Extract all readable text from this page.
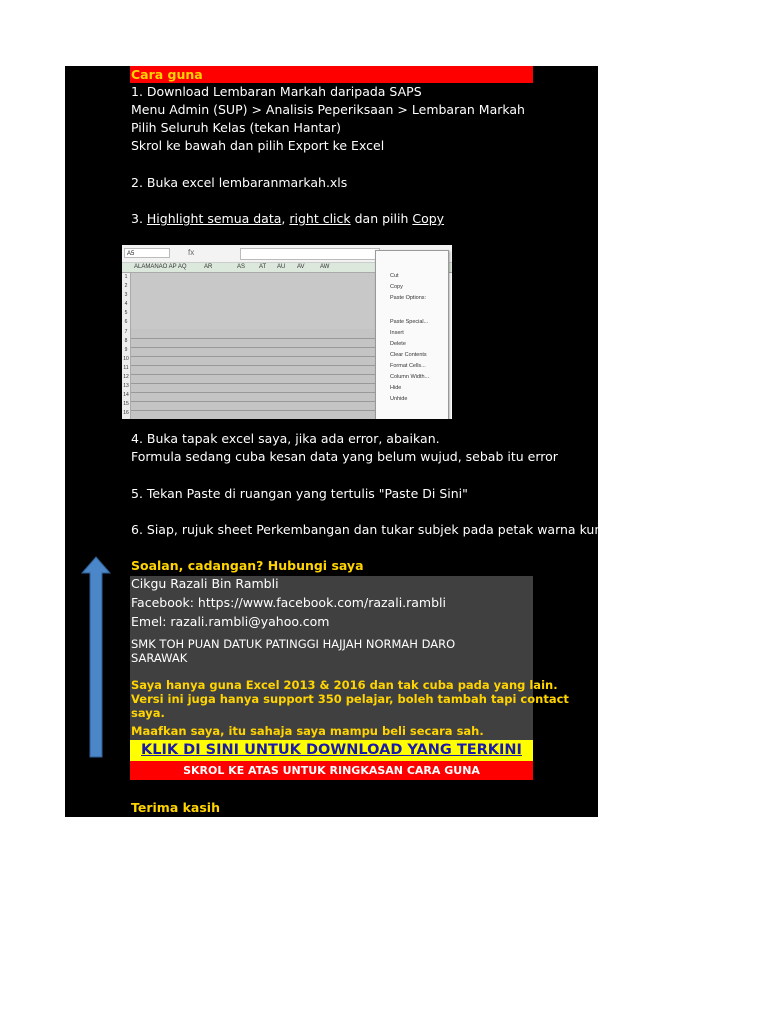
Cara guna
1. Download Lembaran Markah daripada SAPS
Menu Admin (SUP) > Analisis Peperiksaan > Lembaran Markah
Pilih Seluruh Kelas (tekan Hantar)
Skrol ke bawah dan pilih Export ke Excel
2. Buka excel lembaranmarkah.xls
3. Highlight semua data, right click dan pilih Copy
A5	fx
ALAMANAO AP AQ	AR	AS AT AU AV	AW
1
2
3
4
5
6
7
8
9
10
11
12
13
14
15
16
Cut
Copy
Paste Options:
Paste Special...
Insert
Delete
Clear Contents
Format Cells...
Column Width...
Hide
Unhide
4. Buka tapak excel saya, jika ada error, abaikan.
Formula sedang cuba kesan data yang belum wujud, sebab itu error
5. Tekan Paste di ruangan yang tertulis "Paste Di Sini"
6. Siap, rujuk sheet Perkembangan dan tukar subjek pada petak warna kuning
Soalan, cadangan? Hubungi saya
Cikgu Razali Bin Rambli
Facebook: https://www.facebook.com/razali.rambli
Emel: razali.rambli@yahoo.com
SMK TOH PUAN DATUK PATINGGI HAJJAH NORMAH DARO
SARAWAK
Saya hanya guna Excel 2013 & 2016 dan tak cuba pada yang lain.
Versi ini juga hanya support 350 pelajar, boleh tambah tapi contact
saya.
Maafkan saya, itu sahaja saya mampu beli secara sah.
KLIK DI SINI UNTUK DOWNLOAD YANG TERKINI
SKROL KE ATAS UNTUK RINGKASAN CARA GUNA
Terima kasih
